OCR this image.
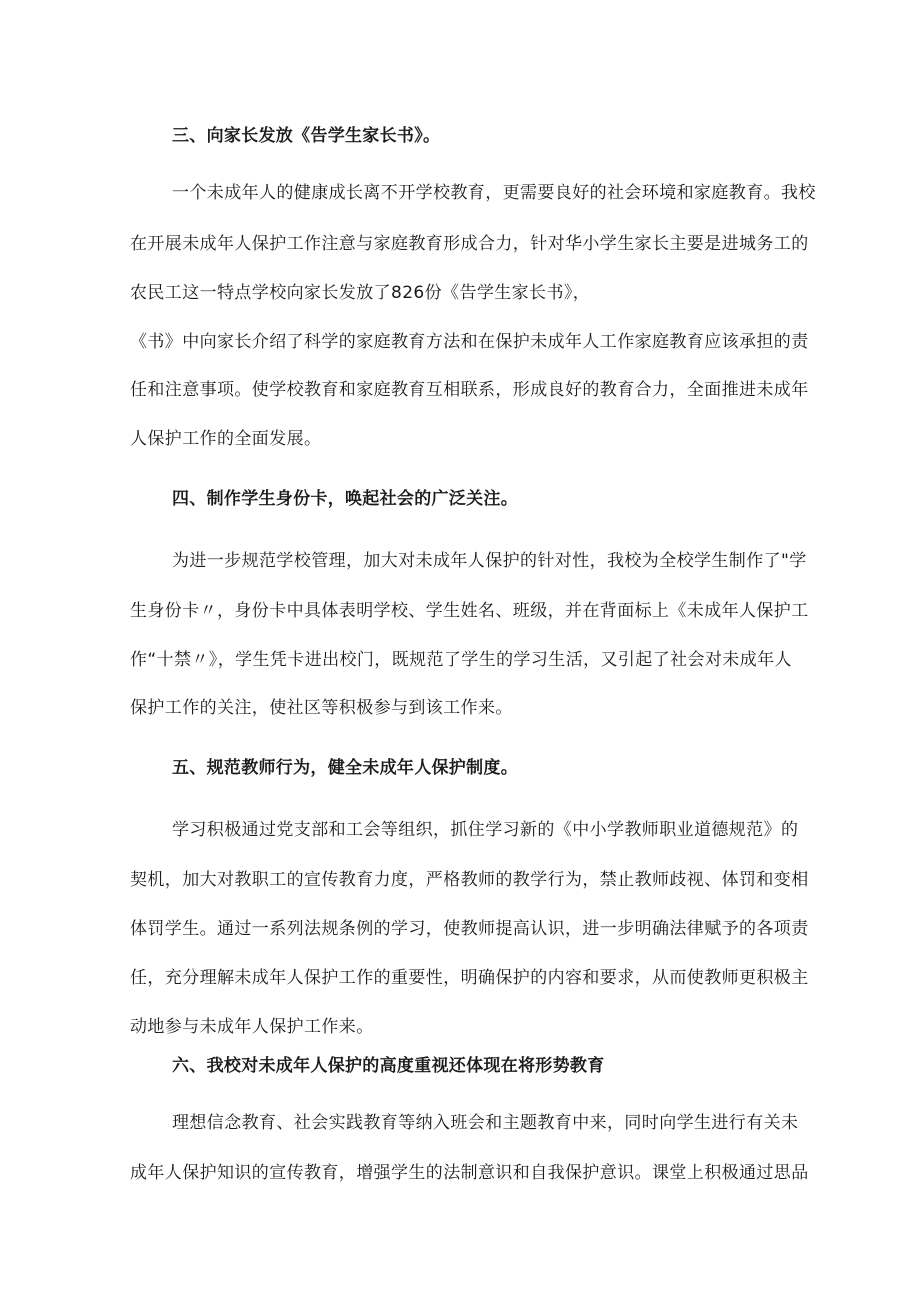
三、向家长发放《告学生家长书》。
一个未成年人的健康成长离不开学校教育，更需要良好的社会环境和家庭教育。我校
在开展未成年人保护工作注意与家庭教育形成合力，针对华小学生家长主要是进城务工的
农民工这一特点学校向家长发放了826份《告学生家长书》，
《书》中向家长介绍了科学的家庭教育方法和在保护未成年人工作家庭教育应该承担的责
任和注意事项。使学校教育和家庭教育互相联系，形成良好的教育合力，全面推进未成年
人保护工作的全面发展。
四、制作学生身份卡，唤起社会的广泛关注。
为进一步规范学校管理，加大对未成年人保护的针对性，我校为全校学生制作了"学
生身份卡〃，身份卡中具体表明学校、学生姓名、班级，并在背面标上《未成年人保护工
作“十禁〃》，学生凭卡进出校门，既规范了学生的学习生活，又引起了社会对未成年人
保护工作的关注，使社区等积极参与到该工作来。
五、规范教师行为，健全未成年人保护制度。
学习积极通过党支部和工会等组织，抓住学习新的《中小学教师职业道德规范》的
契机，加大对教职工的宣传教育力度，严格教师的教学行为，禁止教师歧视、体罚和变相
体罚学生。通过一系列法规条例的学习，使教师提高认识，进一步明确法律赋予的各项责
任，充分理解未成年人保护工作的重要性，明确保护的内容和要求，从而使教师更积极主
动地参与未成年人保护工作来。
六、我校对未成年人保护的高度重视还体现在将形势教育
理想信念教育、社会实践教育等纳入班会和主题教育中来，同时向学生进行有关未
成年人保护知识的宣传教育，增强学生的法制意识和自我保护意识。课堂上积极通过思品
